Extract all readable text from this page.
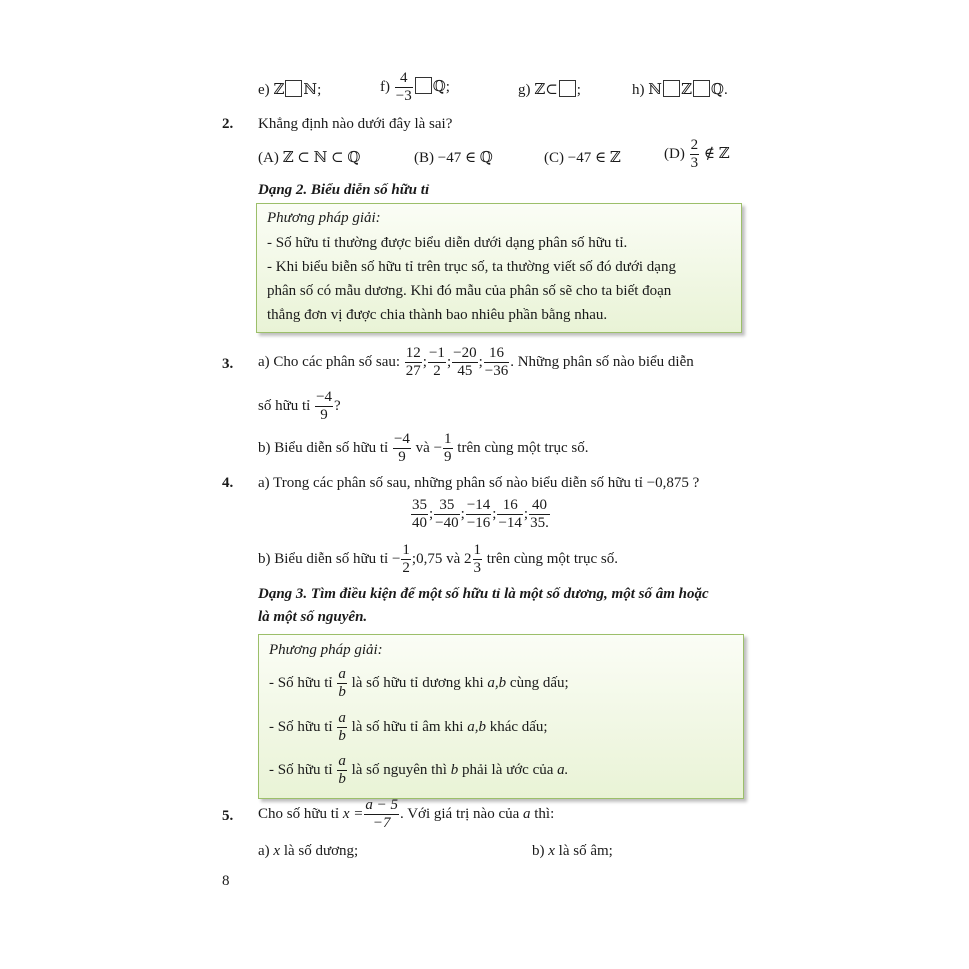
e) ℤ ℕ;	$f) \frac{4}{-3}$ ℚ;	g) ℤ⊂ ;	h) ℕ ℤ ℚ.
2. Khẳng định nào dưới đây là sai?
(A) ℤ ⊂ ℕ ⊂ ℚ	(B) −47 ∈ ℚ	(C) −47 ∈ ℤ	$(D) \frac{2}{3}$ ∉ ℤ
Dạng 2. Biểu diễn số hữu tỉ
Phương pháp giải:
- Số hữu tỉ thường được biểu diễn dưới dạng phân số hữu tỉ.
- Khi biểu biễn số hữu tỉ trên trục số, ta thường viết số đó dưới dạng
phân số có mẫu dương. Khi đó mẫu của phân số sẽ cho ta biết đoạn
thẳng đơn vị được chia thành bao nhiêu phần bằng nhau.
3. a) Cho các phân số sau: $\frac{12}{27}$ ; $\frac{-1}{2}$ ; $\frac{-20}{45}$ ; $\frac{16}{-36}$ . Những phân số nào biểu diễn
số hữu tỉ $\frac{-4}{9}$ ?
b) Biểu diễn số hữu tỉ $\frac{-4}{9}$ và − $\frac{1}{9}$ trên cùng một trục số.
4. a) Trong các phân số sau, những phân số nào biểu diễn số hữu tỉ −0,875 ?
$\frac{35}{40}$ ; $\frac{35}{-40}$ ; $\frac{-14}{-16}$ ; $\frac{16}{-14}$ ; $\frac{40}{35.}$
b) Biểu diễn số hữu tỉ − $\frac{1}{2}$ ;0,75 và $2 \frac{1}{3}$ trên cùng một trục số.
Dạng 3. Tìm điều kiện để một số hữu tỉ là một số dương, một số âm hoặc
là một số nguyên.
Phương pháp giải:
- Số hữu tỉ $\frac{a}{b}$ là số hữu tỉ dương khi a,b cùng dấu;
- Số hữu tỉ $\frac{a}{b}$ là số hữu tỉ âm khi a,b khác dấu;
- Số hữu tỉ $\frac{a}{b}$ là số nguyên thì b phải là ước của a.
5. Cho số hữu tỉ $x = \frac{a - 5}{-7}$ . Với giá trị nào của a thì:
a) x là số dương;	b) x là số âm;
8
